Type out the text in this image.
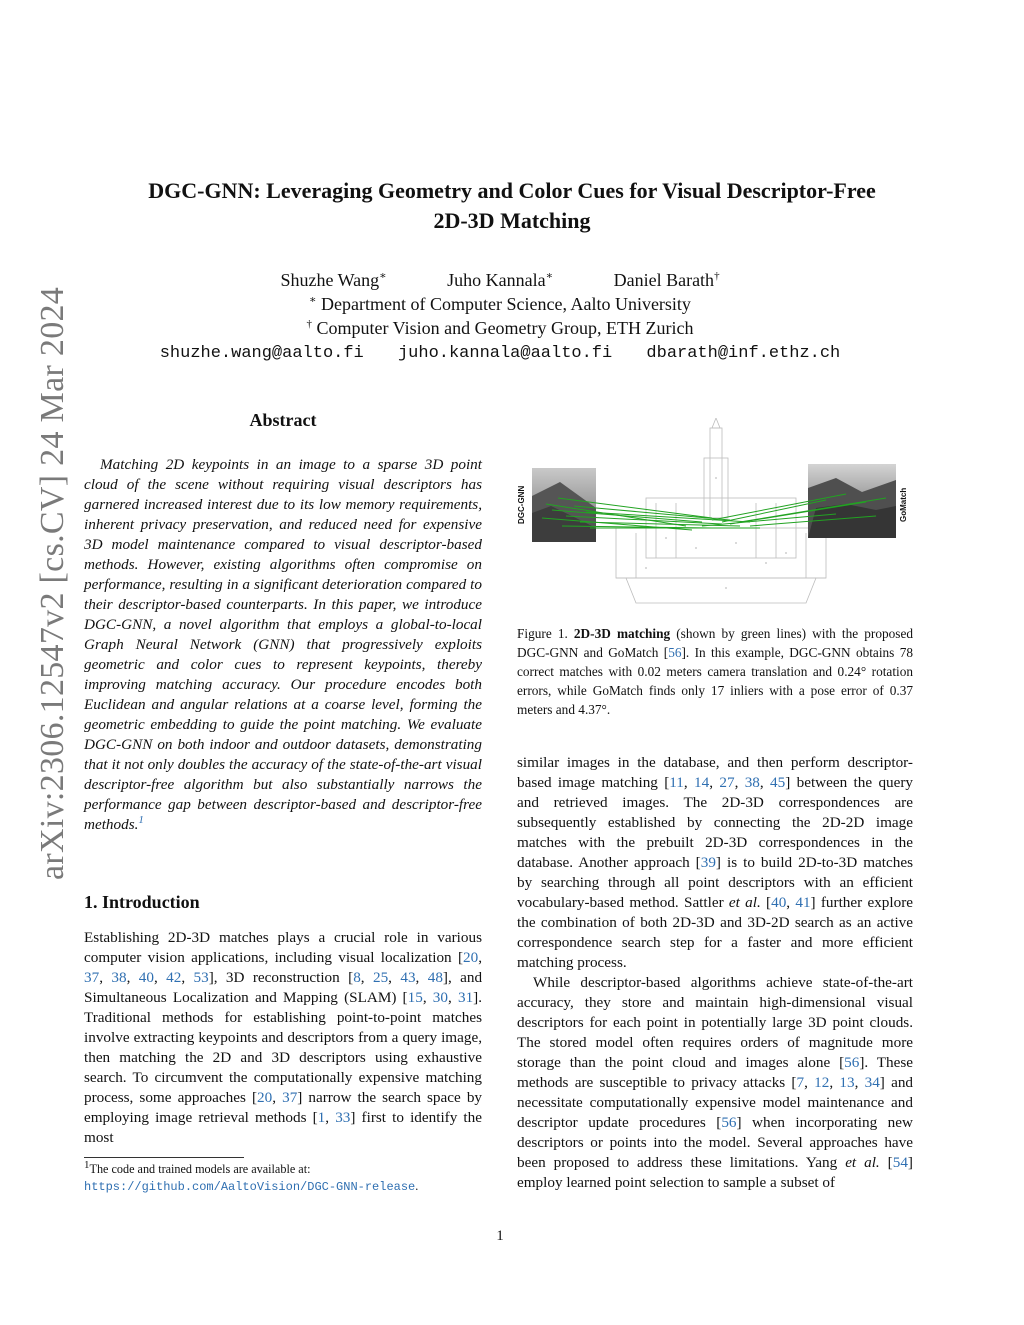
DGC-GNN: Leveraging Geometry and Color Cues for Visual Descriptor-Free
2D-3D Matching
Shuzhe Wang∗	Juho Kannala∗	Daniel Barath†
∗ Department of Computer Science, Aalto University
† Computer Vision and Geometry Group, ETH Zurich
shuzhe.wang@aalto.fi juho.kannala@aalto.fi dbarath@inf.ethz.ch
arXiv:2306.12547v2 [cs.CV] 24 Mar 2024	Abstract
Matching 2D keypoints in an image to a sparse 3D point cloud of the scene without requiring visual descriptors has garnered increased interest due to its low memory requirements, inherent privacy preservation, and reduced need for expensive 3D model maintenance compared to visual descriptor-based methods. However, existing algorithms often compromise on performance, resulting in a significant deterioration compared to their descriptor-based counterparts. In this paper, we introduce DGC-GNN, a novel algorithm that employs a global-to-local Graph Neural Network (GNN) that progressively exploits geometric and color cues to represent keypoints, thereby improving matching accuracy. Our procedure encodes both Euclidean and angular relations at a coarse level, forming the geometric embedding to guide the point matching. We evaluate DGC-GNN on both indoor and outdoor datasets, demonstrating that it not only doubles the accuracy of the state-of-the-art visual descriptor-free algorithm but also substantially narrows the performance gap between descriptor-based and descriptor-free methods.$^1$
1. Introduction
Establishing 2D-3D matches plays a crucial role in various computer vision applications, including visual localization [20, 37, 38, 40, 42, 53], 3D reconstruction [8, 25, 43, 48], and Simultaneous Localization and Mapping (SLAM) [15, 30, 31]. Traditional methods for establishing point-to-point matches involve extracting keypoints and descriptors from a query image, then matching the 2D and 3D descriptors using exhaustive search. To circumvent the computationally expensive matching process, some approaches [20, 37] narrow the search space by employing image retrieval methods [1, 33] first to identify the most
$^1$The code and trained models are available at: https://github.com/AaltoVision/DGC-GNN-release.
DGC-GNN	GoMatch
Figure 1. 2D-3D matching (shown by green lines) with the proposed DGC-GNN and GoMatch [56]. In this example, DGC-GNN obtains 78 correct matches with 0.02 meters camera translation and 0.24° rotation errors, while GoMatch finds only 17 inliers with a pose error of 0.37 meters and 4.37°.

similar images in the database, and then perform descriptor-based image matching [11, 14, 27, 38, 45] between the query and retrieved images. The 2D-3D correspondences are subsequently established by connecting the 2D-2D image matches with the prebuilt 2D-3D correspondences in the database. Another approach [39] is to build 2D-to-3D matches by searching through all point descriptors with an efficient vocabulary-based method. Sattler et al. [40, 41] further explore the combination of both 2D-3D and 3D-2D search as an active correspondence search step for a faster and more efficient matching process.

While descriptor-based algorithms achieve state-of-the-art accuracy, they store and maintain high-dimensional visual descriptors for each point in potentially large 3D point clouds. The stored model often requires orders of magnitude more storage than the point cloud and images alone [56]. These methods are susceptible to privacy attacks [7, 12, 13, 34] and necessitate computationally expensive model maintenance and descriptor update procedures [56] when incorporating new descriptors or points into the model. Several approaches have been proposed to address these limitations. Yang et al. [54] employ learned point selection to sample a subset of

1
